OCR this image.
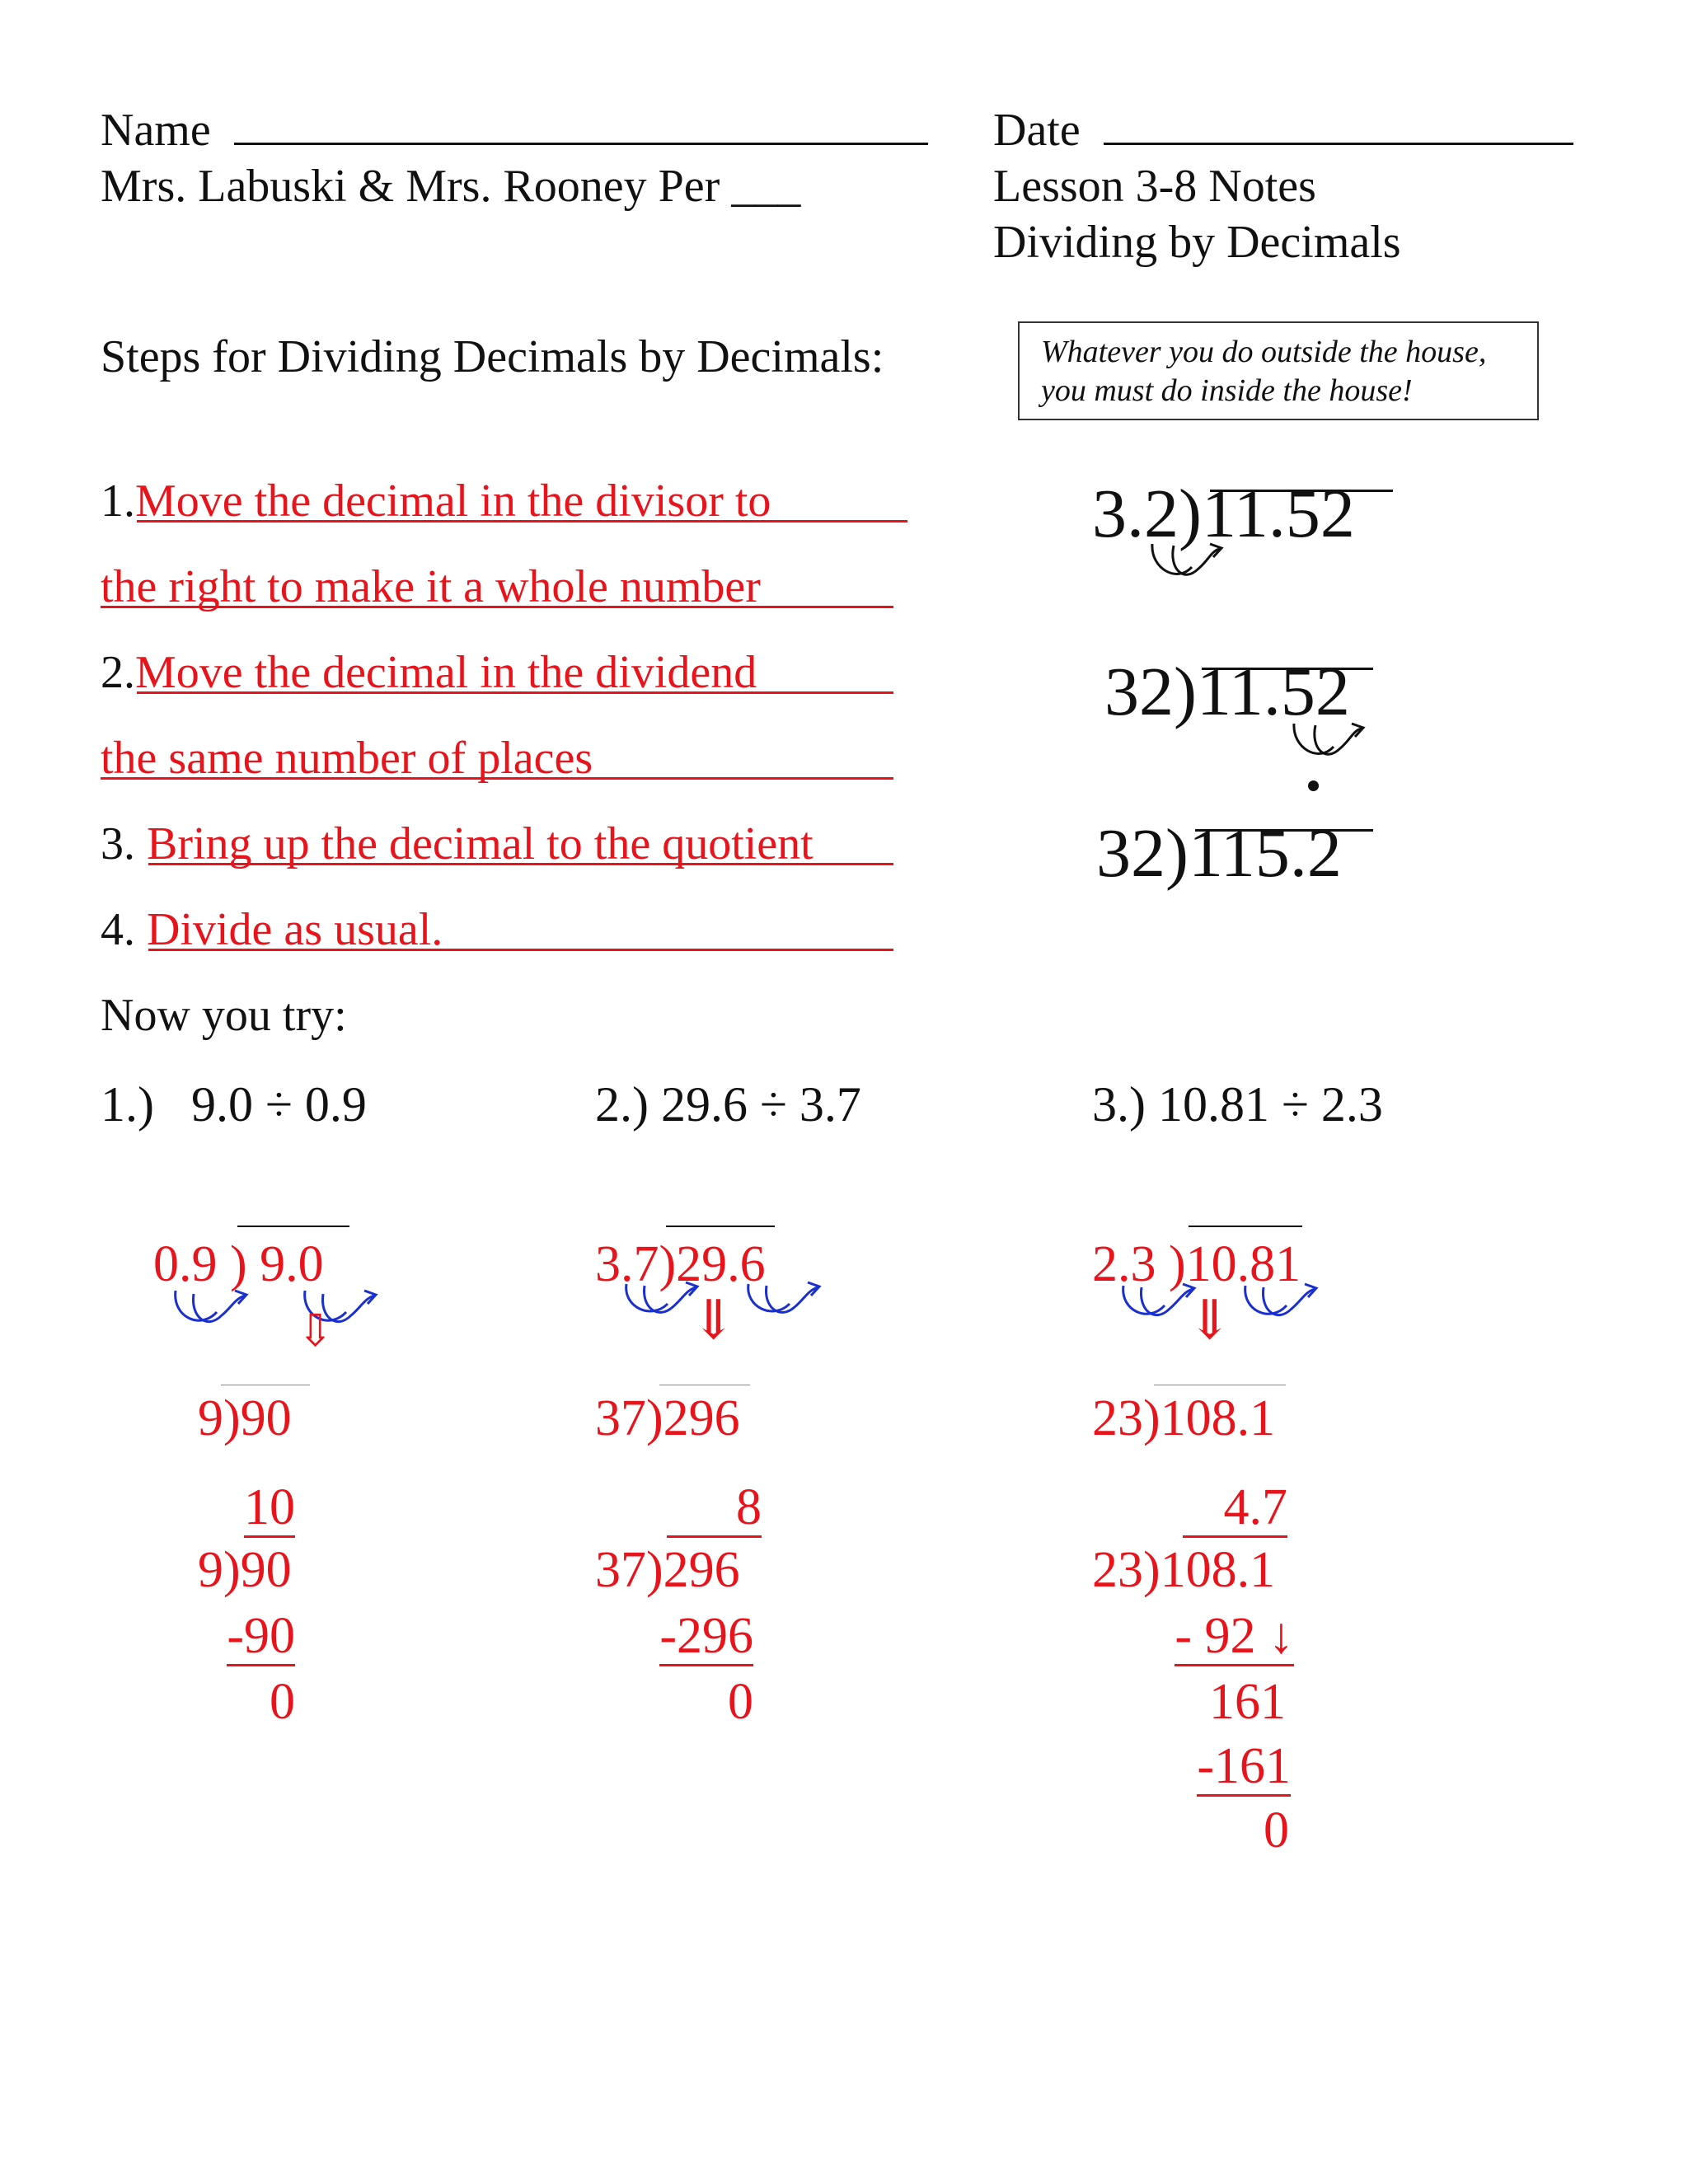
Name
Mrs. Labuski & Mrs. Rooney Per ___
Date
Lesson 3-8 Notes
Dividing by Decimals
Steps for Dividing Decimals by Decimals:	Whatever you do outside the house,
you must do inside the house!
1.Move the decimal in the divisor to
the right to make it a whole number
2.Move the decimal in the dividend
the same number of places
3. Bring up the decimal to the quotient
4. Divide as usual.
3.2)11.52
32)11.52
32)115.2
Now you try:
1.)   9.0 ÷ 0.9	2.) 29.6 ÷ 3.7	3.) 10.81 ÷ 2.3
0.9 ) 9.0
⇩
9)90
10
9)90
-90
0
3.7)29.6
⇓
37)296
8
37)296
-296
0
2.3 )10.81
⇓
23)108.1
4.7
23)108.1
- 92 ↓
161
-161
0
